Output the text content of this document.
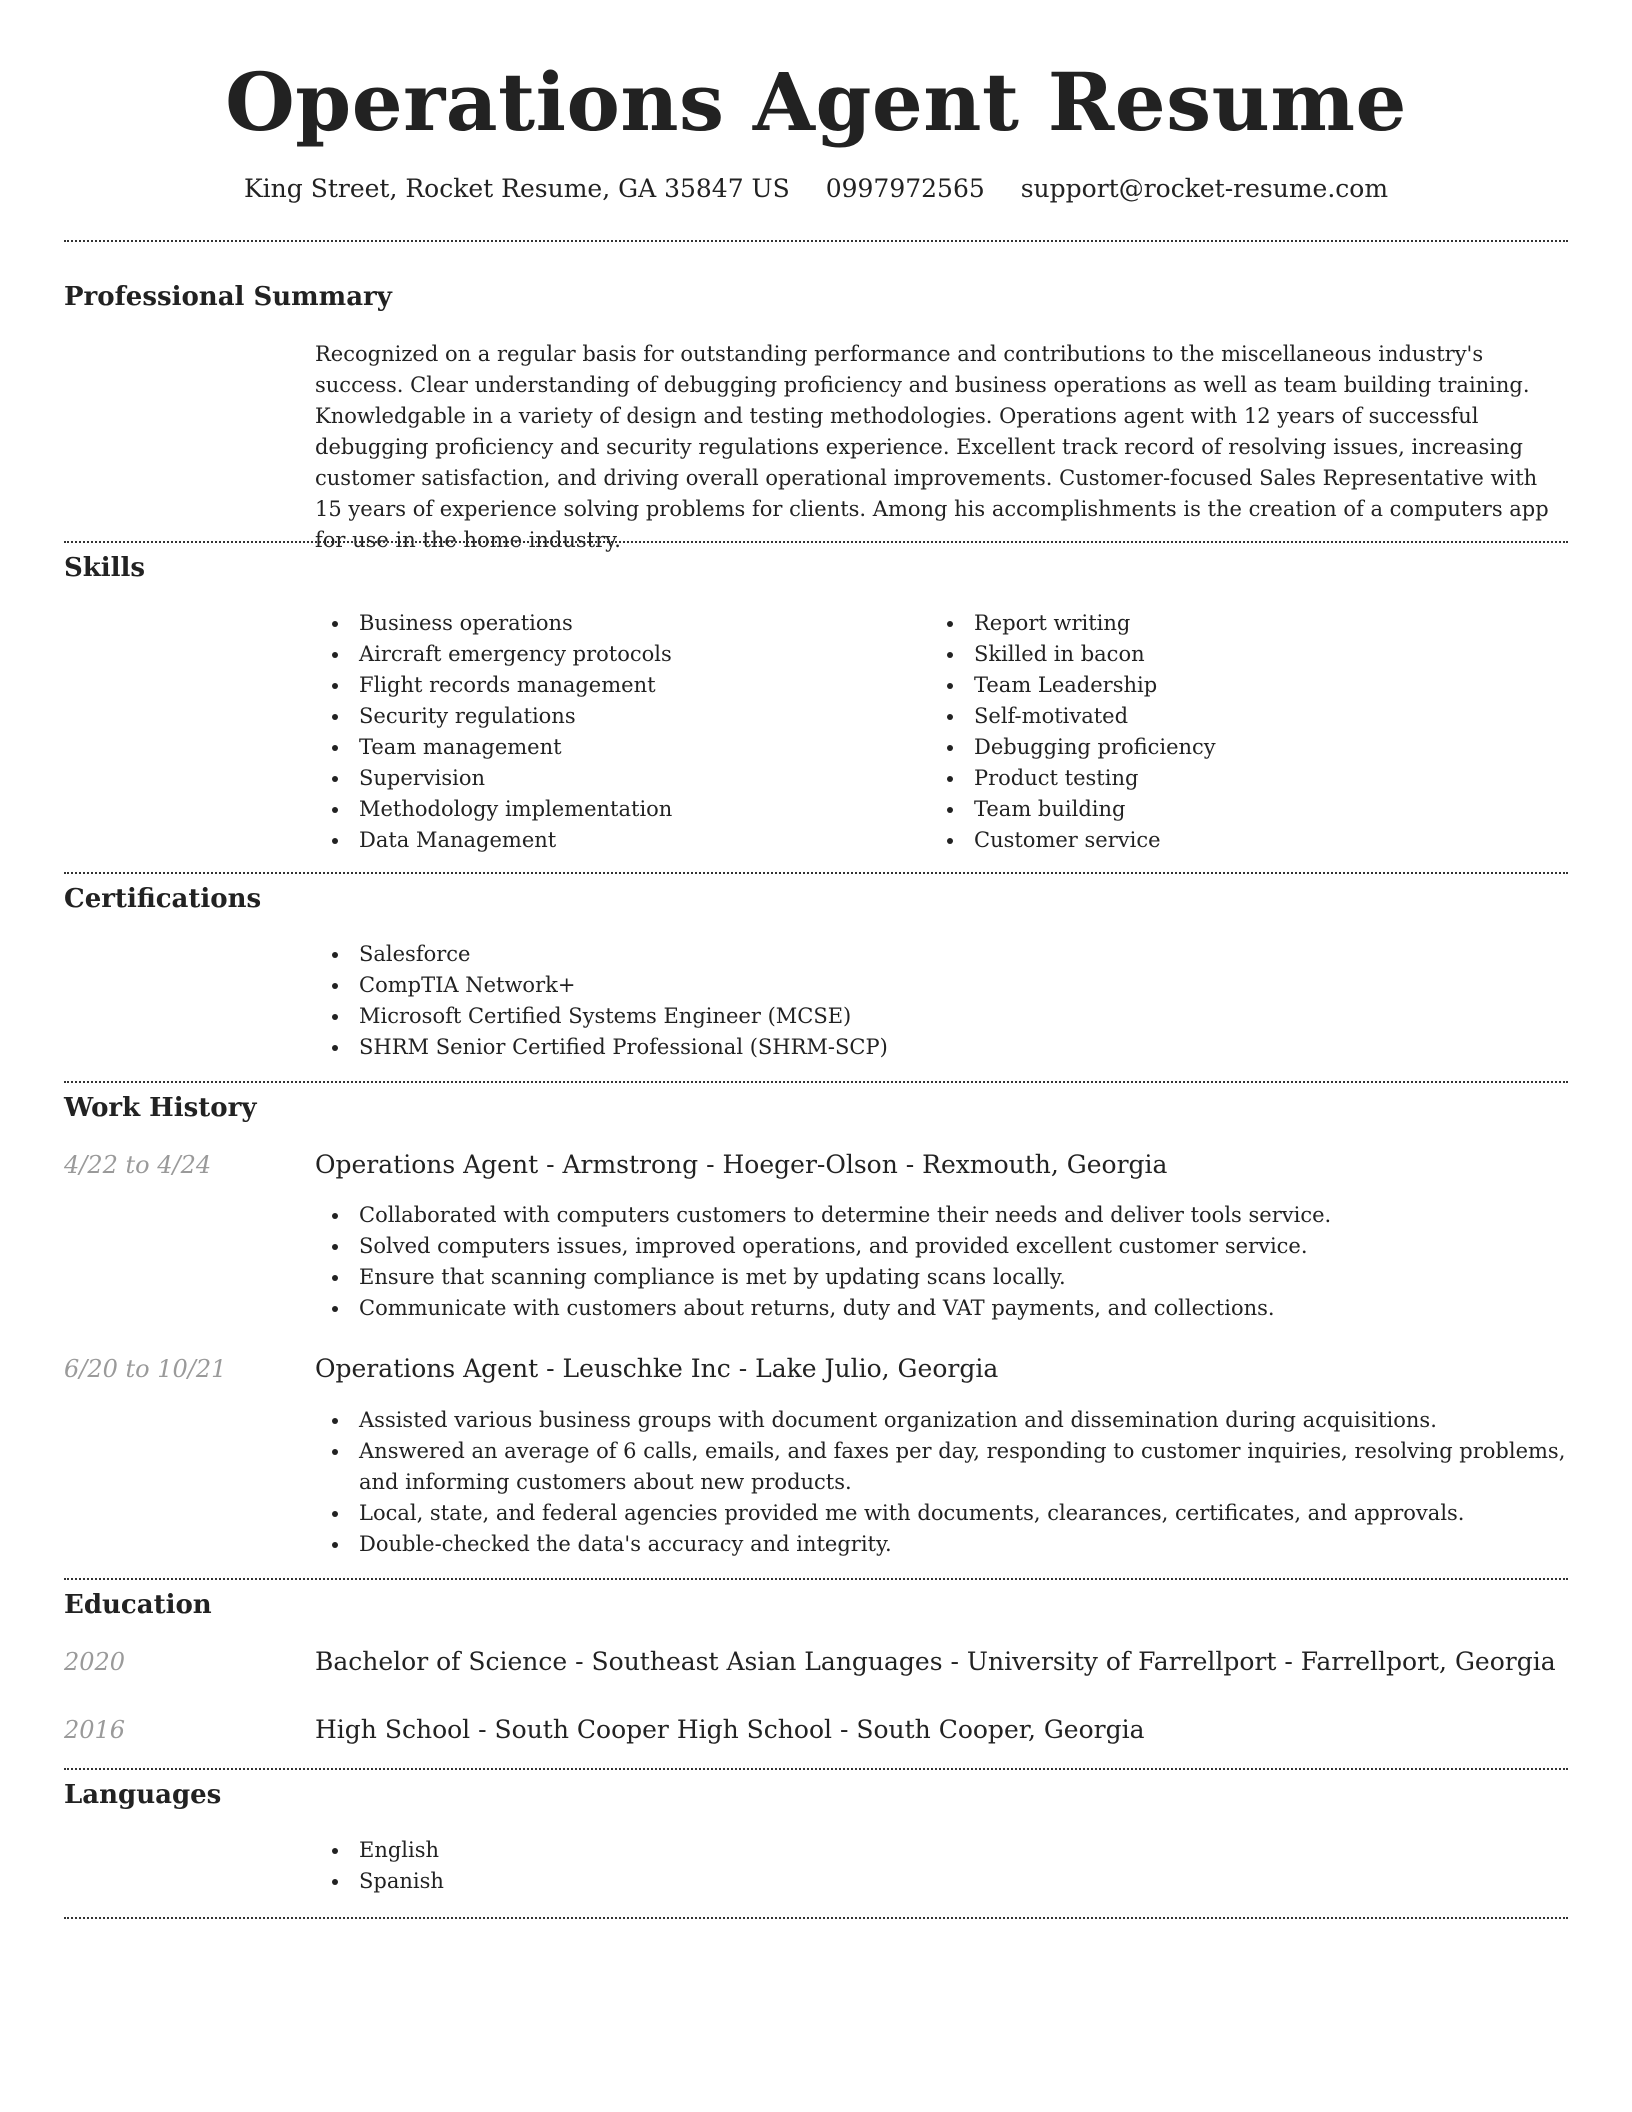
Operations Agent Resume
King Street, Rocket Resume, GA 35847 US 0997972565 support@rocket-resume.com
Professional Summary

Recognized on a regular basis for outstanding performance and contributions to the miscellaneous industry's success. Clear understanding of debugging proficiency and business operations as well as team building training. Knowledgable in a variety of design and testing methodologies. Operations agent with 12 years of successful debugging proficiency and security regulations experience. Excellent track record of resolving issues, increasing customer satisfaction, and driving overall operational improvements. Customer-focused Sales Representative with 15 years of experience solving problems for clients. Among his accomplishments is the creation of a computers app for use in the home industry.

Skills
Business operations
Aircraft emergency protocols
Flight records management
Security regulations
Team management
Supervision
Methodology implementation
Data Management
Report writing
Skilled in bacon
Team Leadership
Self-motivated
Debugging proficiency
Product testing
Team building
Customer service
Certifications
Salesforce
CompTIA Network+
Microsoft Certified Systems Engineer (MCSE)
SHRM Senior Certified Professional (SHRM-SCP)
Work History
4/22 to 4/24	Operations Agent - Armstrong - Hoeger-Olson - Rexmouth, Georgia
Collaborated with computers customers to determine their needs and deliver tools service.
Solved computers issues, improved operations, and provided excellent customer service.
Ensure that scanning compliance is met by updating scans locally.
Communicate with customers about returns, duty and VAT payments, and collections.
6/20 to 10/21	Operations Agent - Leuschke Inc - Lake Julio, Georgia
Assisted various business groups with document organization and dissemination during acquisitions.
Answered an average of 6 calls, emails, and faxes per day, responding to customer inquiries, resolving problems, and informing customers about new products.
Local, state, and federal agencies provided me with documents, clearances, certificates, and approvals.
Double-checked the data's accuracy and integrity.
Education
2020	Bachelor of Science - Southeast Asian Languages - University of Farrellport - Farrellport, Georgia
2016	High School - South Cooper High School - South Cooper, Georgia
Languages
English
Spanish
